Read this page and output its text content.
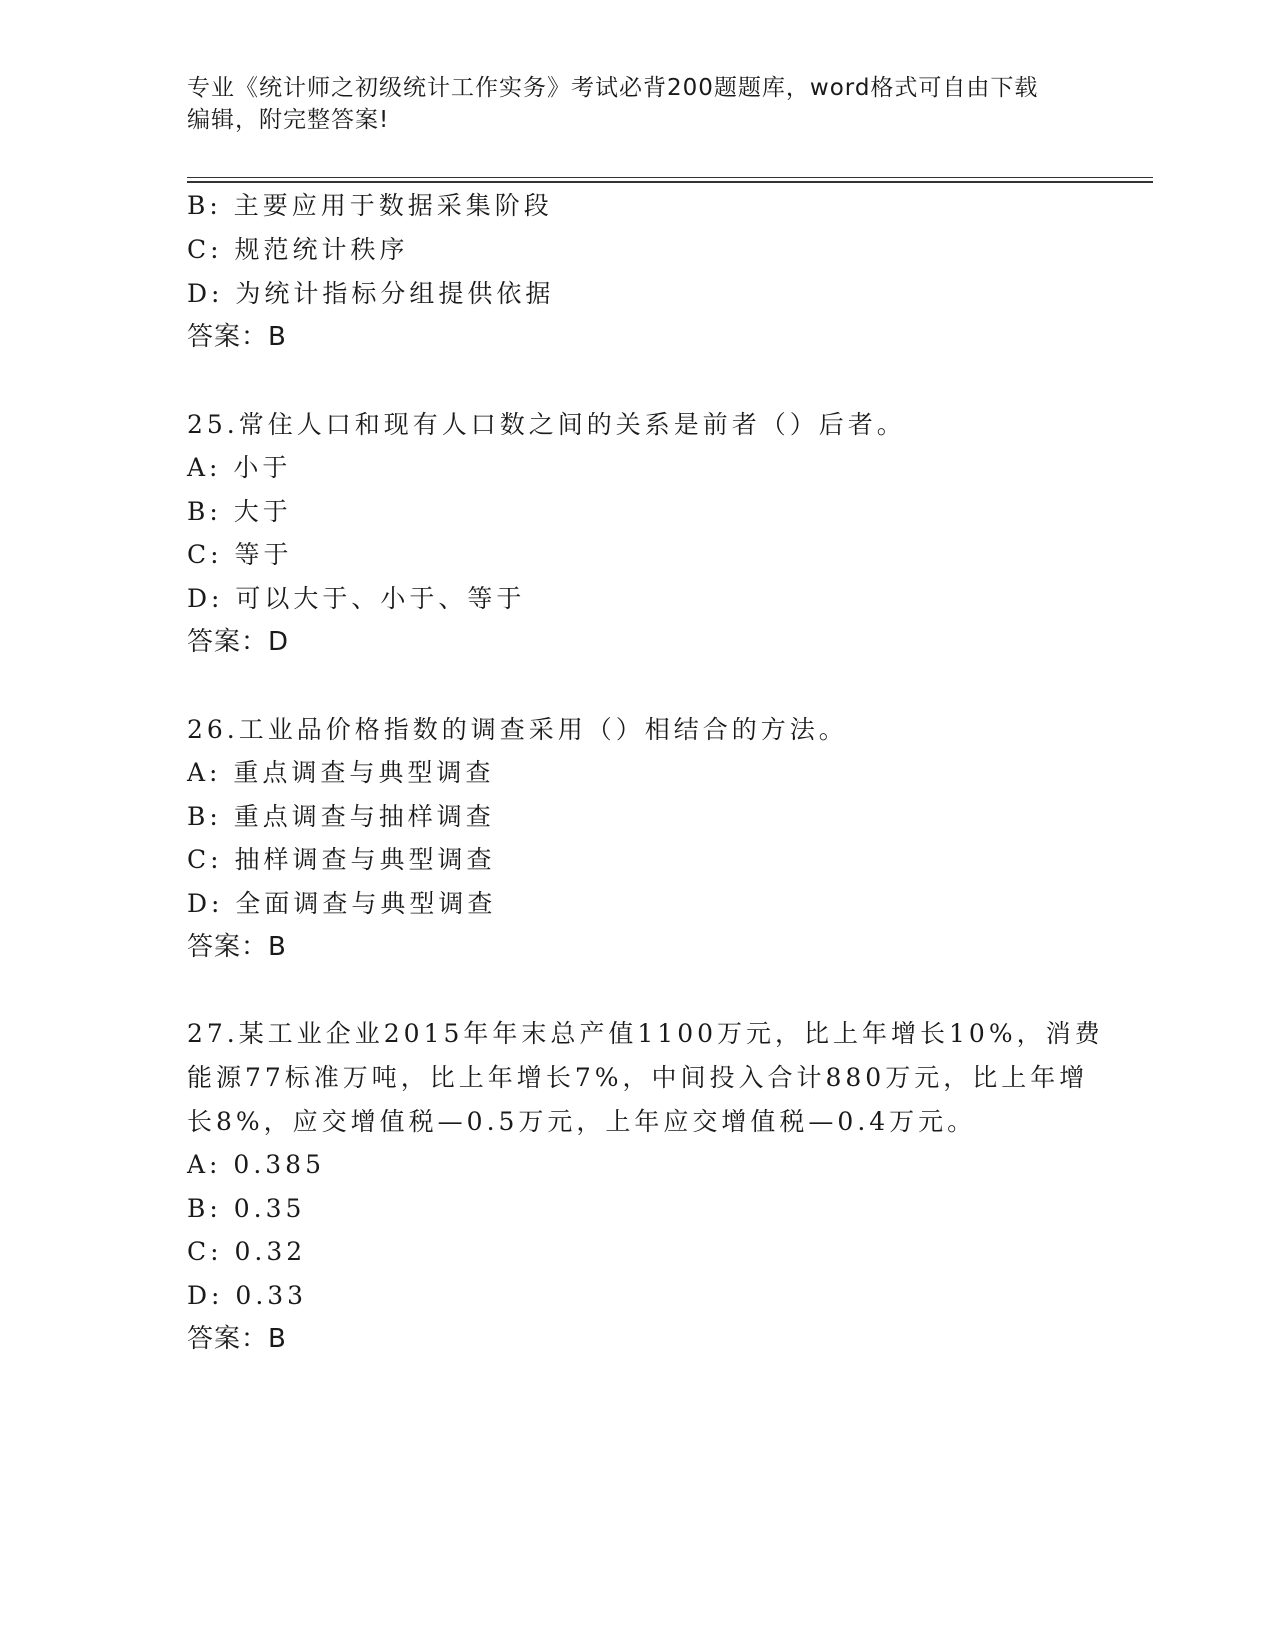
专业《统计师之初级统计工作实务》考试必背200题题库，word格式可自由下载
编辑，附完整答案!
B: 主要应用于数据采集阶段
C: 规范统计秩序
D: 为统计指标分组提供依据
答案：B
25.常住人口和现有人口数之间的关系是前者（）后者。
A: 小于
B: 大于
C: 等于
D: 可以大于、小于、等于
答案：D
26.工业品价格指数的调查采用（）相结合的方法。
A: 重点调查与典型调查
B: 重点调查与抽样调查
C: 抽样调查与典型调查
D: 全面调查与典型调查
答案：B
27.某工业企业2015年年末总产值1100万元，比上年增长10%，消费
能源77标准万吨，比上年增长7%，中间投入合计880万元，比上年增
长8%，应交增值税—0.5万元，上年应交增值税—0.4万元。
A: 0.385
B: 0.35
C: 0.32
D: 0.33
答案：B
